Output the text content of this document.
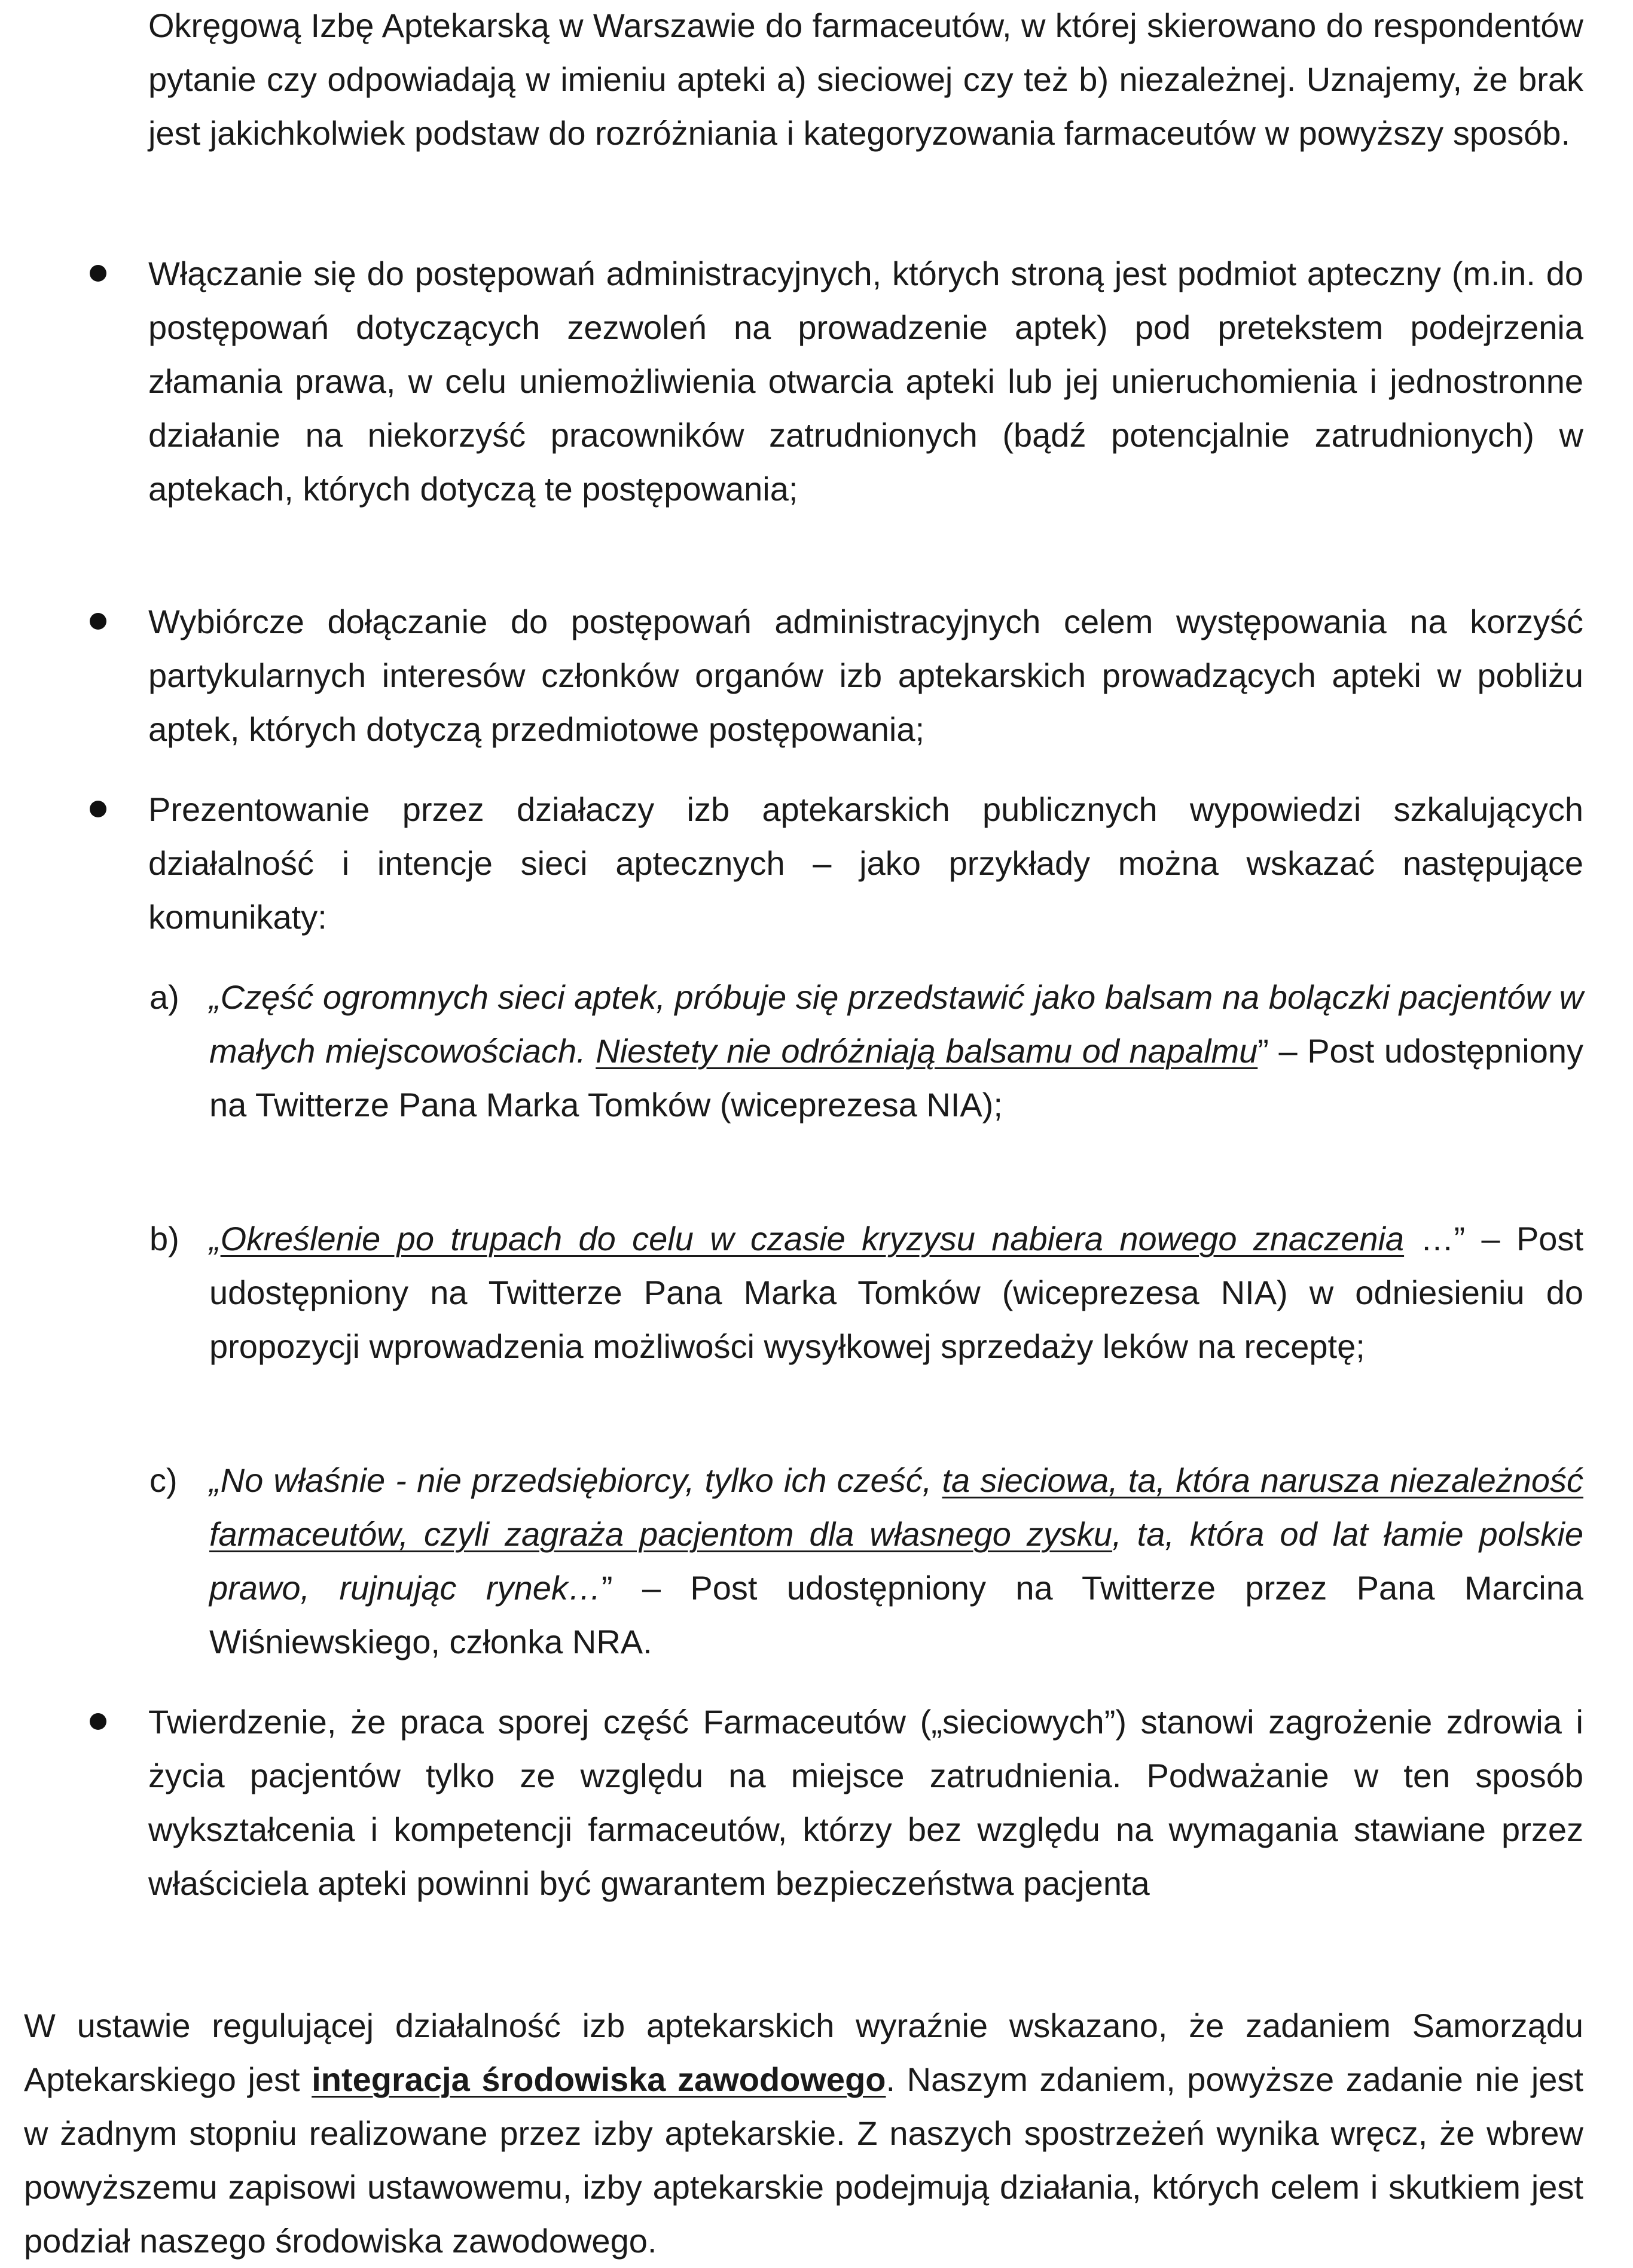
Okręgową Izbę Aptekarską w Warszawie do farmaceutów, w której skierowano do respondentów pytanie czy odpowiadają w imieniu apteki a) sieciowej czy też b) niezależnej. Uznajemy, że brak jest jakichkolwiek podstaw do rozróżniania i kategoryzowania farmaceutów w powyższy sposób.

Włączanie się do postępowań administracyjnych, których stroną jest podmiot apteczny (m.in. do postępowań dotyczących zezwoleń na prowadzenie aptek) pod pretekstem podejrzenia złamania prawa, w celu uniemożliwienia otwarcia apteki lub jej unieruchomienia i jednostronne działanie na niekorzyść pracowników zatrudnionych (bądź potencjalnie zatrudnionych) w aptekach, których dotyczą te postępowania;

Wybiórcze dołączanie do postępowań administracyjnych celem występowania na korzyść partykularnych interesów członków organów izb aptekarskich prowadzących apteki w pobliżu aptek, których dotyczą przedmiotowe postępowania;

Prezentowanie przez działaczy izb aptekarskich publicznych wypowiedzi szkalujących działalność i intencje sieci aptecznych – jako przykłady można wskazać następujące komunikaty:

a) „Część ogromnych sieci aptek, próbuje się przedstawić jako balsam na bolączki pacjentów w małych miejscowościach. Niestety nie odróżniają balsamu od napalmu” – Post udostępniony na Twitterze Pana Marka Tomków (wiceprezesa NIA);

b) „Określenie po trupach do celu w czasie kryzysu nabiera nowego znaczenia …” – Post udostępniony na Twitterze Pana Marka Tomków (wiceprezesa NIA) w odniesieniu do propozycji wprowadzenia możliwości wysyłkowej sprzedaży leków na receptę;

c) „No właśnie - nie przedsiębiorcy, tylko ich cześć, ta sieciowa, ta, która narusza niezależność farmaceutów, czyli zagraża pacjentom dla własnego zysku, ta, która od lat łamie polskie prawo, rujnując rynek…” – Post udostępniony na Twitterze przez Pana Marcina Wiśniewskiego, członka NRA.

Twierdzenie, że praca sporej część Farmaceutów („sieciowych”) stanowi zagrożenie zdrowia i życia pacjentów tylko ze względu na miejsce zatrudnienia. Podważanie w ten sposób wykształcenia i kompetencji farmaceutów, którzy bez względu na wymagania stawiane przez właściciela apteki powinni być gwarantem bezpieczeństwa pacjenta

W ustawie regulującej działalność izb aptekarskich wyraźnie wskazano, że zadaniem Samorządu Aptekarskiego jest integracja środowiska zawodowego. Naszym zdaniem, powyższe zadanie nie jest w żadnym stopniu realizowane przez izby aptekarskie. Z naszych spostrzeżeń wynika wręcz, że wbrew powyższemu zapisowi ustawowemu, izby aptekarskie podejmują działania, których celem i skutkiem jest podział naszego środowiska zawodowego.
